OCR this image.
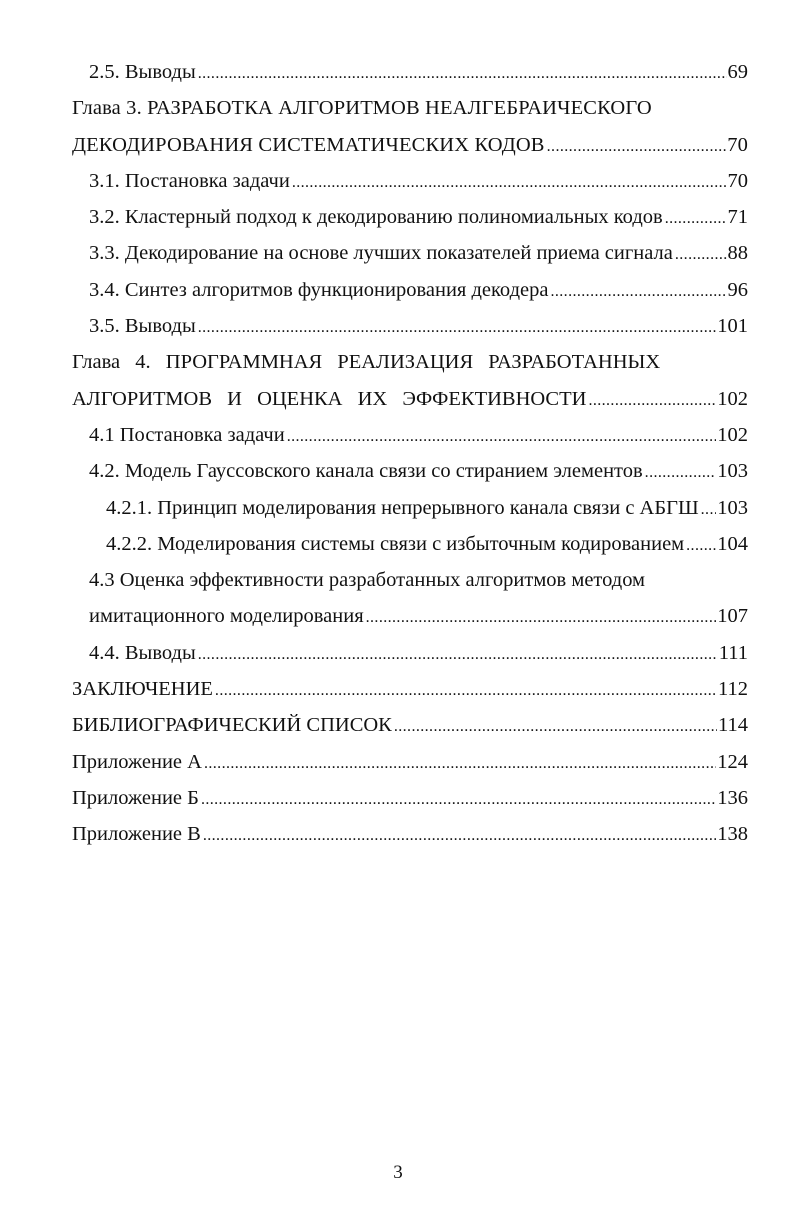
2.5. Выводы .....	69
Глава 3. РАЗРАБОТКА АЛГОРИТМОВ НЕАЛГЕБРАИЧЕСКОГО
ДЕКОДИРОВАНИЯ СИСТЕМАТИЧЕСКИХ КОДОВ .....	70
3.1. Постановка задачи .....	70
3.2. Кластерный подход к декодированию полиномиальных кодов .....	71
3.3. Декодирование на основе лучших показателей приема сигнала .....	88
3.4. Синтез алгоритмов функционирования декодера .....	96
3.5. Выводы .....	101
Глава 4. ПРОГРАММНАЯ РЕАЛИЗАЦИЯ РАЗРАБОТАННЫХ
АЛГОРИТМОВ И ОЦЕНКА ИХ ЭФФЕКТИВНОСТИ .....	102
4.1 Постановка задачи .....	102
4.2. Модель Гауссовского канала связи со стиранием элементов .....	103
4.2.1. Принцип моделирования непрерывного канала связи с АБГШ ..... 103
4.2.2. Моделирования системы связи с избыточным кодированием ..... 104
4.3 Оценка эффективности разработанных алгоритмов методом
имитационного моделирования .....	107
4.4. Выводы .....	111
ЗАКЛЮЧЕНИЕ .....	112
БИБЛИОГРАФИЧЕСКИЙ СПИСОК .....	114
Приложение А .....	124
Приложение Б .....	136
Приложение В .....	138
3
